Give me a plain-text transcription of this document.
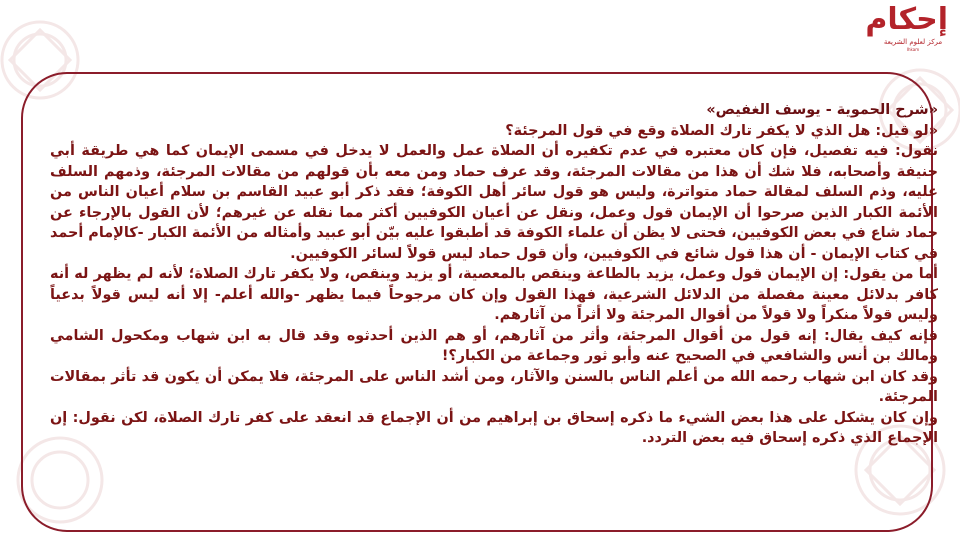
إحكام
مركز لعلوم الشريعة
Ihkam

«شرح الحموية - يوسف الغفيص»

«لو قيل: هل الذي لا يكفر تارك الصلاة وقع في قول المرجئة؟

نقول: فيه تفصيل، فإن كان معتبره في عدم تكفيره أن الصلاة عمل والعمل لا يدخل في مسمى الإيمان كما هي طريقة أبي حنيفة وأصحابه، فلا شك أن هذا من مقالات المرجئة، وقد عرف حماد ومن معه بأن قولهم من مقالات المرجئة، وذمهم السلف عليه، وذم السلف لمقالة حماد متواترة، وليس هو قول سائر أهل الكوفة؛ فقد ذكر أبو عبيد القاسم بن سلام أعيان الناس من الأئمة الكبار الذين صرحوا أن الإيمان قول وعمل، ونقل عن أعيان الكوفيين أكثر مما نقله عن غيرهم؛ لأن القول بالإرجاء عن حماد شاع في بعض الكوفيين، فحتى لا يظن أن علماء الكوفة قد أطبقوا عليه بيّن أبو عبيد وأمثاله من الأئمة الكبار -كالإمام أحمد في كتاب الإيمان - أن هذا قول شائع في الكوفيين، وأن قول حماد ليس قولاً لسائر الكوفيين.

أما من يقول: إن الإيمان قول وعمل، يزيد بالطاعة وينقص بالمعصية، أو يزيد وينقص، ولا يكفر تارك الصلاة؛ لأنه لم يظهر له أنه كافر بدلائل معينة مفصلة من الدلائل الشرعية، فهذا القول وإن كان مرجوحاً فيما يظهر -والله أعلم- إلا أنه ليس قولاً بدعياً وليس قولاً منكراً ولا قولاً من أقوال المرجئة ولا أثراً من آثارهم.

فإنه كيف يقال: إنه قول من أقوال المرجئة، وأثر من آثارهم، أو هم الذين أحدثوه وقد قال به ابن شهاب ومكحول الشامي ومالك بن أنس والشافعي في الصحيح عنه وأبو ثور وجماعة من الكبار؟!

وقد كان ابن شهاب رحمه الله من أعلم الناس بالسنن والآثار، ومن أشد الناس على المرجئة، فلا يمكن أن يكون قد تأثر بمقالات المرجئة.

وإن كان يشكل على هذا بعض الشيء ما ذكره إسحاق بن إبراهيم من أن الإجماع قد انعقد على كفر تارك الصلاة، لكن نقول: إن الإجماع الذي ذكره إسحاق فيه بعض التردد.
